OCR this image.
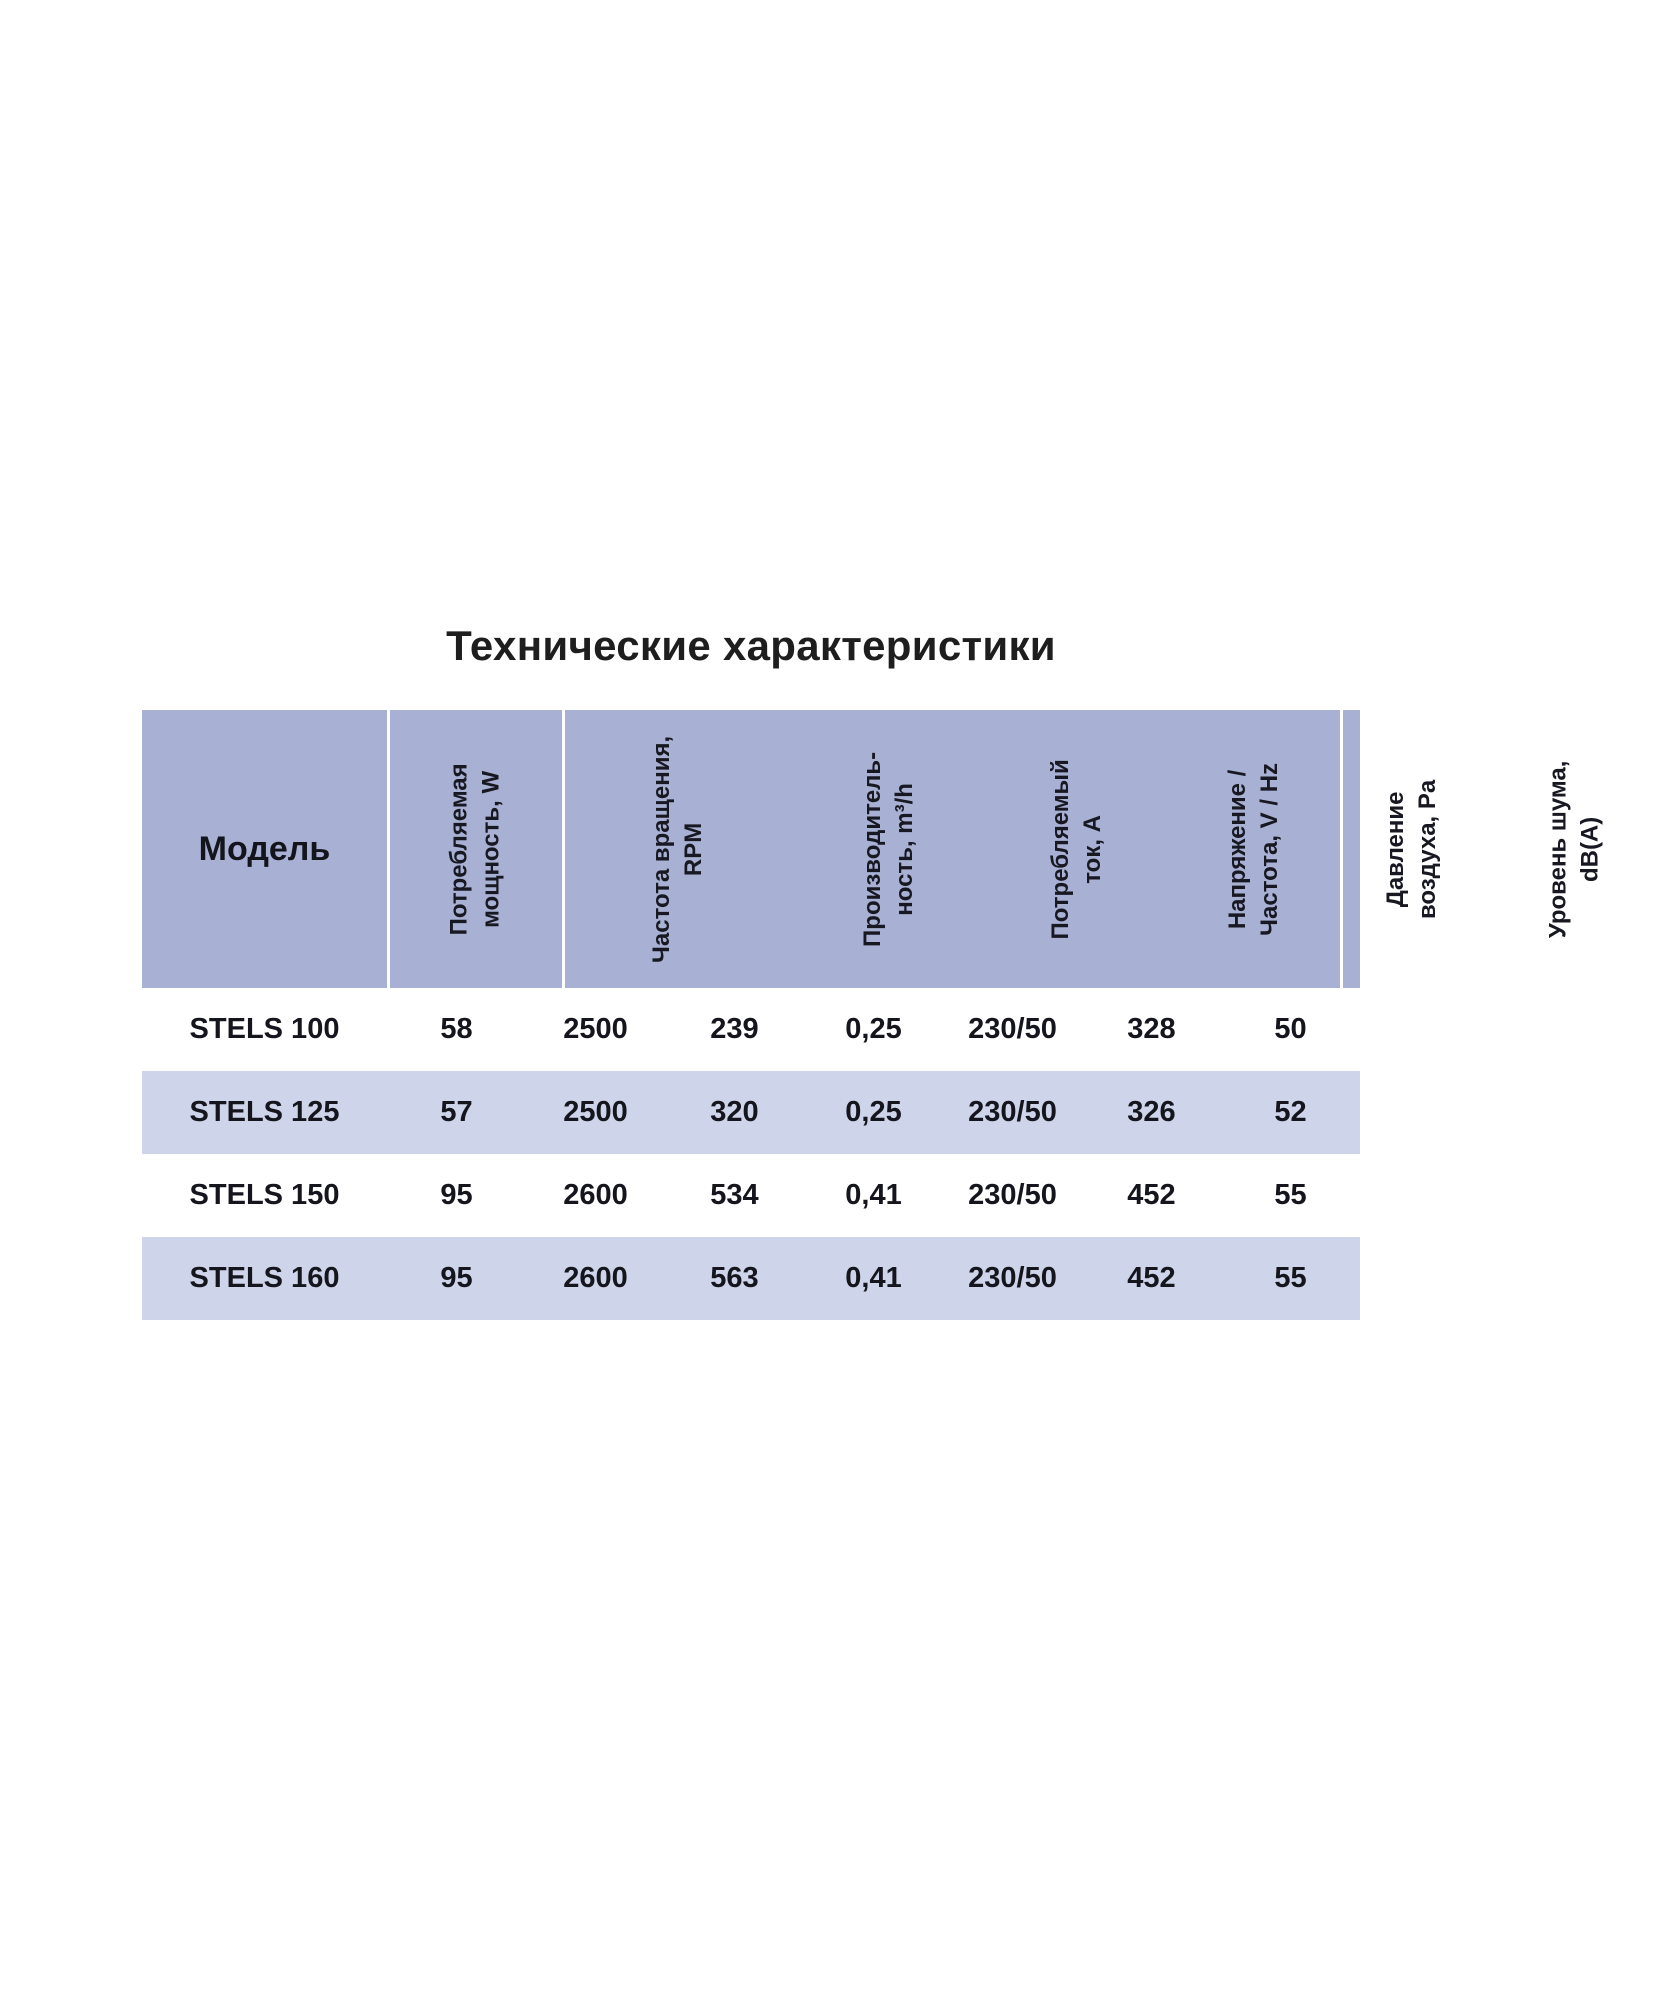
Технические характеристики
Модель	Потребляемая мощность, W	Частота вращения, RPM	Производитель- ность, m³/h	Потребляемый ток, A	Напряжение / Частота, V / Hz	Давление воздуха, Pa	Уровень шума, dB(A)
STELS 100	58	2500	239	0,25	230/50	328	50
STELS 125	57	2500	320	0,25	230/50	326	52
STELS 150	95	2600	534	0,41	230/50	452	55
STELS 160	95	2600	563	0,41	230/50	452	55
